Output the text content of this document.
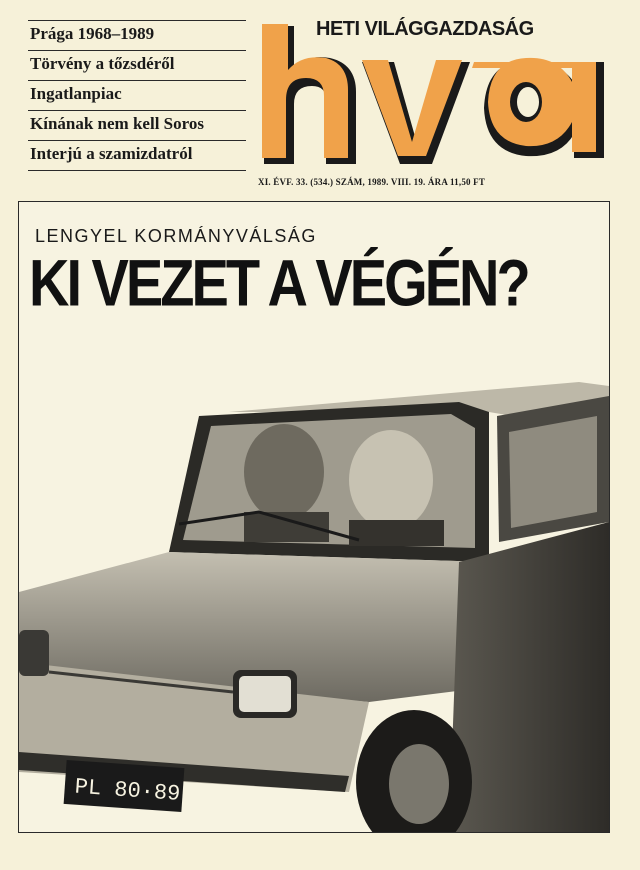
Prága 1968–1989
Törvény a tőzsdéről
Ingatlanpiac
Kínának nem kell Soros
Interjú a szamizdatról
HETI VILÁGGAZDASÁG
XI. ÉVF. 33. (534.) SZÁM, 1989. VIII. 19. ÁRA 11,50 FT
LENGYEL KORMÁNYVÁLSÁG
KI VEZET A VÉGÉN?
PL 80·89
